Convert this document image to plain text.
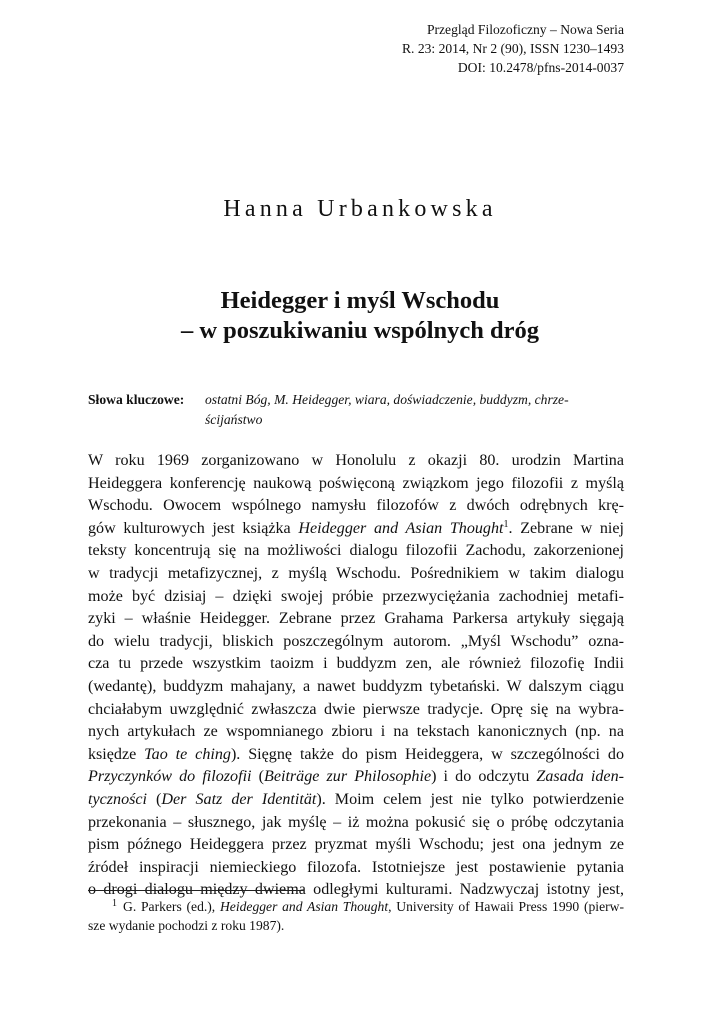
Przegląd Filozoficzny – Nowa Seria
R. 23: 2014, Nr 2 (90), ISSN 1230–1493
DOI: 10.2478/pfns-2014-0037
Hanna Urbankowska
Heidegger i myśl Wschodu
– w poszukiwaniu wspólnych dróg
Słowa kluczowe: ostatni Bóg, M. Heidegger, wiara, doświadczenie, buddyzm, chrze-
ścijaństwo
W roku 1969 zorganizowano w Honolulu z okazji 80. urodzin Martina
Heideggera konferencję naukową poświęconą związkom jego filozofii z myślą
Wschodu. Owocem wspólnego namysłu filozofów z dwóch odrębnych krę-
gów kulturowych jest książka Heidegger and Asian Thought$^1$. Zebrane w niej
teksty koncentrują się na możliwości dialogu filozofii Zachodu, zakorzenionej
w tradycji metafizycznej, z myślą Wschodu. Pośrednikiem w takim dialogu
może być dzisiaj – dzięki swojej próbie przezwyciężania zachodniej metafi-
zyki – właśnie Heidegger. Zebrane przez Grahama Parkersa artykuły sięgają
do wielu tradycji, bliskich poszczególnym autorom. „Myśl Wschodu” ozna-
cza tu przede wszystkim taoizm i buddyzm zen, ale również filozofię Indii
(wedantę), buddyzm mahajany, a nawet buddyzm tybetański. W dalszym ciągu
chciałabym uwzględnić zwłaszcza dwie pierwsze tradycje. Oprę się na wybra-
nych artykułach ze wspomnianego zbioru i na tekstach kanonicznych (np. na
księdze Tao te ching). Sięgnę także do pism Heideggera, w szczególności do
Przyczynków do filozofii (Beiträge zur Philosophie) i do odczytu Zasada iden-
tyczności (Der Satz der Identität). Moim celem jest nie tylko potwierdzenie
przekonania – słusznego, jak myślę – iż można pokusić się o próbę odczytania
pism późnego Heideggera przez pryzmat myśli Wschodu; jest ona jednym ze
źródeł inspiracji niemieckiego filozofa. Istotniejsze jest postawienie pytania
o drogi dialogu między dwiema odległymi kulturami. Nadzwyczaj istotny jest,
$^1$ G. Parkers (ed.), Heidegger and Asian Thought, University of Hawaii Press 1990 (pierw-
sze wydanie pochodzi z roku 1987).
